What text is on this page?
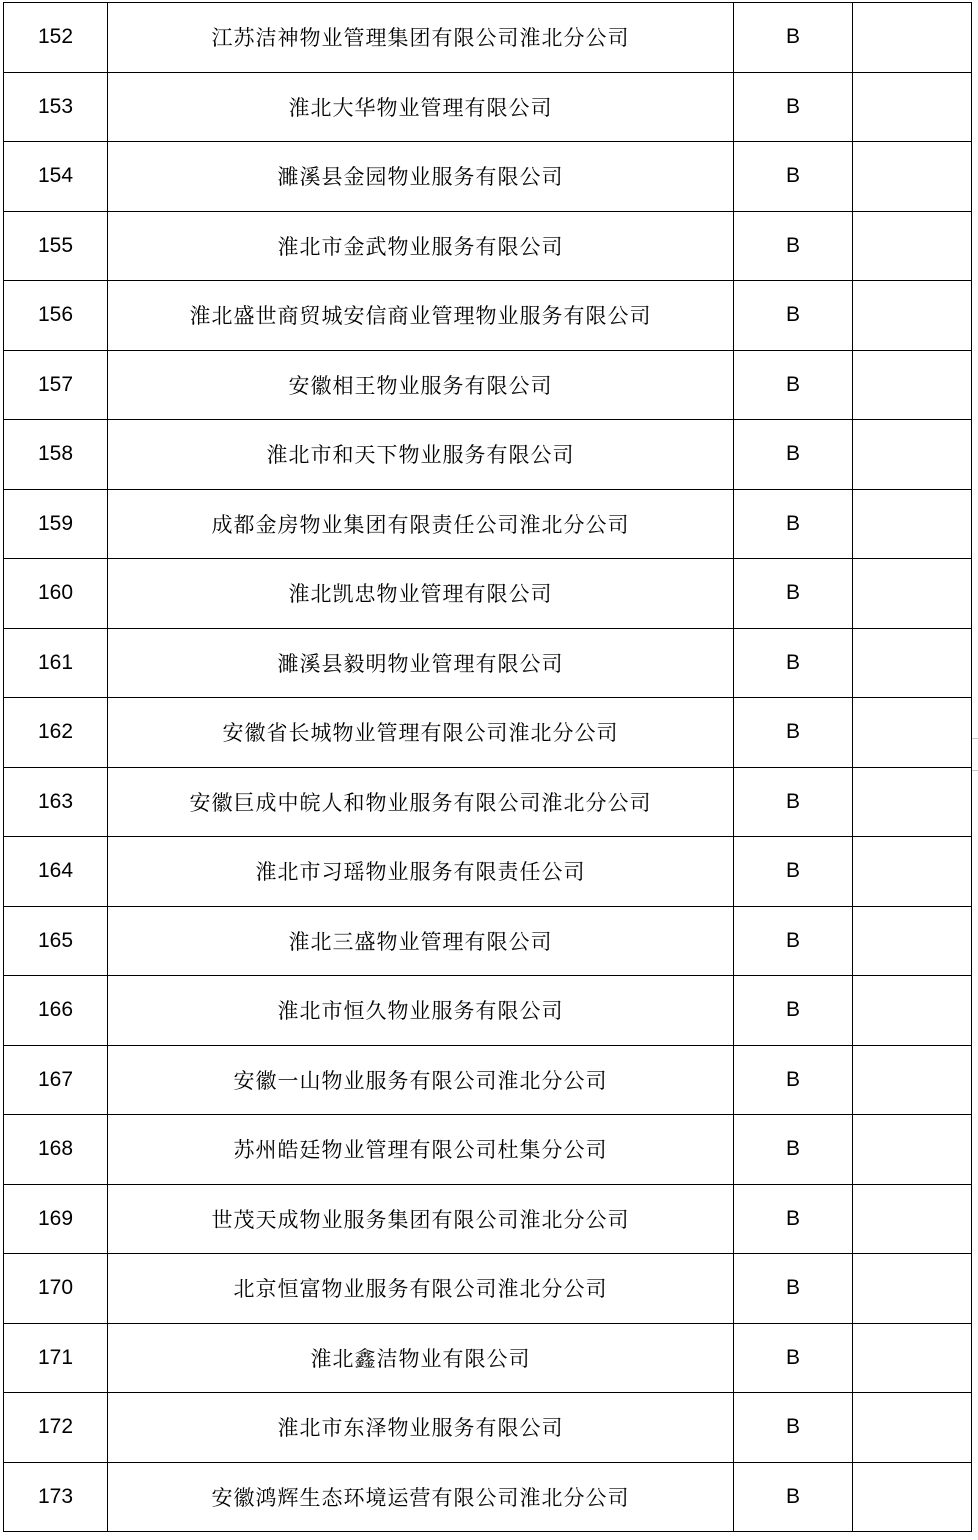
152	江苏洁神物业管理集团有限公司淮北分公司	B	
153	淮北大华物业管理有限公司	B	
154	濉溪县金园物业服务有限公司	B	
155	淮北市金武物业服务有限公司	B	
156	淮北盛世商贸城安信商业管理物业服务有限公司	B	
157	安徽相王物业服务有限公司	B	
158	淮北市和天下物业服务有限公司	B	
159	成都金房物业集团有限责任公司淮北分公司	B	
160	淮北凯忠物业管理有限公司	B	
161	濉溪县毅明物业管理有限公司	B	
162	安徽省长城物业管理有限公司淮北分公司	B	
163	安徽巨成中皖人和物业服务有限公司淮北分公司	B	
164	淮北市习瑶物业服务有限责任公司	B	
165	淮北三盛物业管理有限公司	B	
166	淮北市恒久物业服务有限公司	B	
167	安徽一山物业服务有限公司淮北分公司	B	
168	苏州皓廷物业管理有限公司杜集分公司	B	
169	世茂天成物业服务集团有限公司淮北分公司	B	
170	北京恒富物业服务有限公司淮北分公司	B	
171	淮北鑫洁物业有限公司	B	
172	淮北市东泽物业服务有限公司	B	
173	安徽鸿辉生态环境运营有限公司淮北分公司	B	
